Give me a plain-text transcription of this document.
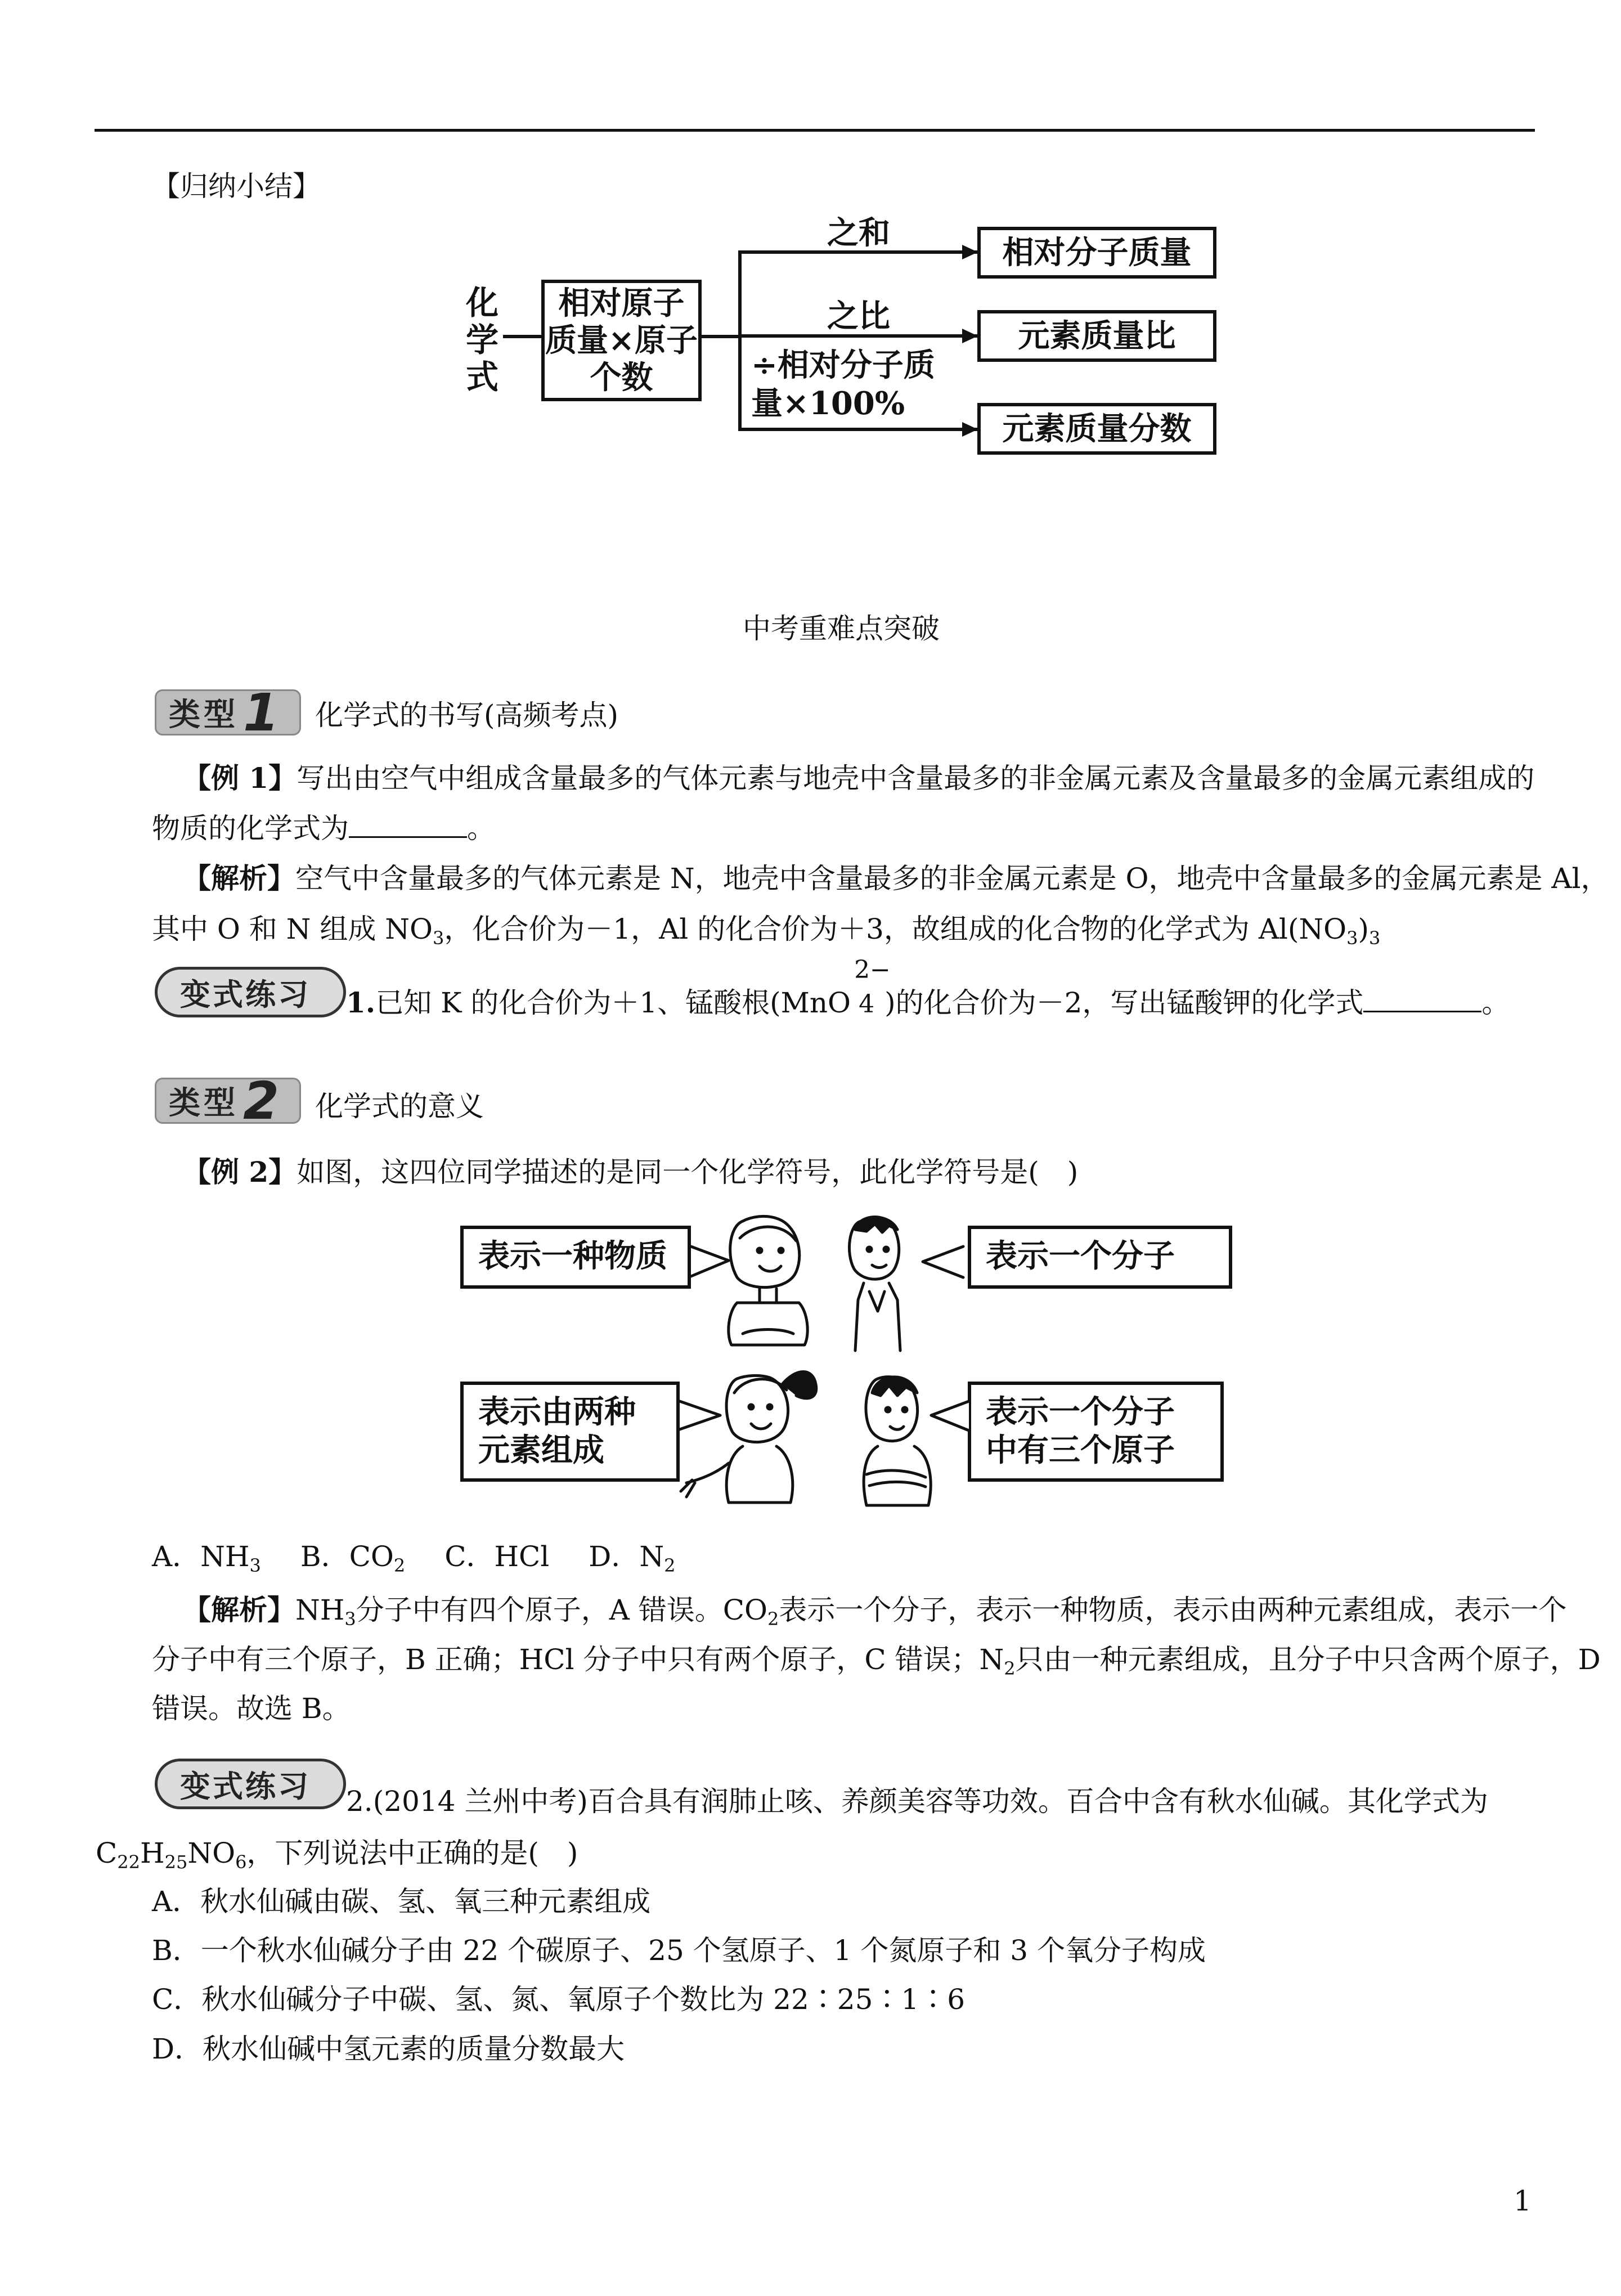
【归纳小结】
化学式
相对原子质量×原子个数
之和
之比
÷相对分子质量×100%
相对分子质量
元素质量比
元素质量分数
中考重难点突破
类型 1 化学式的书写(高频考点)
【例 1】写出由空气中组成含量最多的气体元素与地壳中含量最多的非金属元素及含量最多的金属元素组成的
物质的化学式为	。
【解析】空气中含量最多的气体元素是 N，地壳中含量最多的非金属元素是 O，地壳中含量最多的金属元素是 Al，
其中 O 和 N 组成 $NO_3$，化合价为－1，Al 的化合价为＋3，故组成的化合物的化学式为 $Al(NO_3)_3$
变式练习	1.已知 K 的化合价为＋1、锰酸根(MnO
2−
4 )的化合价为－2，写出锰酸钾的化学式	。
类型 2 化学式的意义
【例 2】如图，这四位同学描述的是同一个化学符号，此化学符号是(　)
表示一种物质	表示一个分子
表示由两种元素组成
表示一个分子中有三个原子
A．$NH_3$ B．$CO_2$ C．HCl D．$N_2$
【解析】$NH_3$分子中有四个原子，A 错误。$CO_2$表示一个分子，表示一种物质，表示由两种元素组成，表示一个
分子中有三个原子，B 正确；HCl 分子中只有两个原子，C 错误；$N_2$只由一种元素组成，且分子中只含两个原子，D
错误。故选 B。
变式练习	2.(2014 兰州中考)百合具有润肺止咳、养颜美容等功效。百合中含有秋水仙碱。其化学式为
$C_{22}H_{25}NO_6$，下列说法中正确的是(　)
A．秋水仙碱由碳、氢、氧三种元素组成
B．一个秋水仙碱分子由 22 个碳原子、25 个氢原子、1 个氮原子和 3 个氧分子构成
C．秋水仙碱分子中碳、氢、氮、氧原子个数比为 22∶25∶1∶6
D．秋水仙碱中氢元素的质量分数最大
1
